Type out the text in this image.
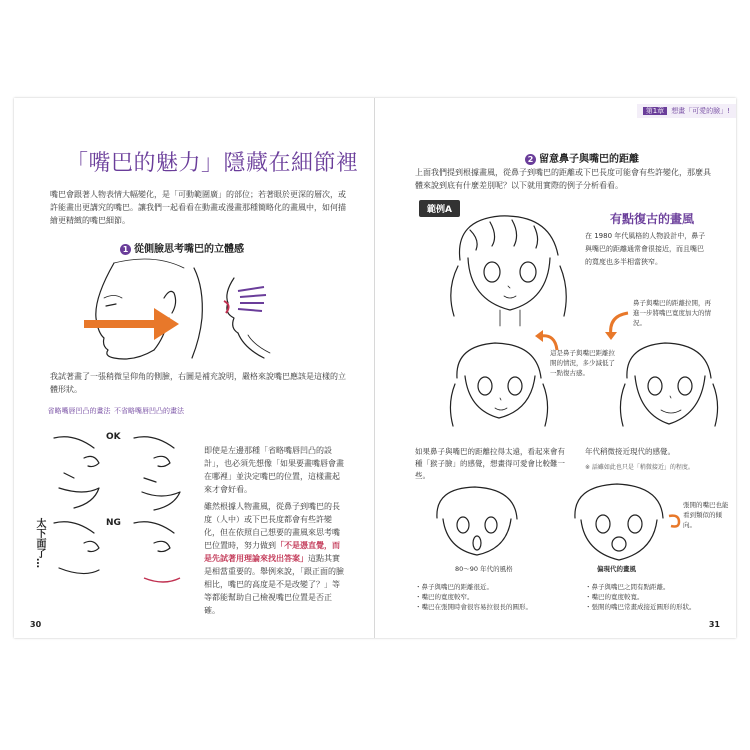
「嘴巴的魅力」隱藏在細節裡
嘴巴會跟著人物表情大幅變化，是「可動範圍廣」的部位；若著眼於更深的層次，或許能畫出更講究的嘴巴。讓我們一起看看在動畫或漫畫那種簡略化的畫風中，如何描繪更精緻的嘴巴細節。
1 從側臉思考嘴巴的立體感
我試著畫了一張稍微呈仰角的側臉，右圖是補充說明，嚴格來說嘴巴應該是這樣的立體形狀。
省略嘴唇凹凸的畫法 不省略嘴唇凹凸的畫法
OK
NG
太下面了…
即使是左邊那種「省略嘴唇凹凸的設計」，也必須先想像「如果要畫嘴唇會畫在哪裡」並決定嘴巴的位置，這樣畫起來才會好看。
雖然根據人物畫風，從鼻子到嘴巴的長度（人中）或下巴長度都會有些許變化，但在依照自己想要的畫風來思考嘴巴位置時，努力做到「不是憑直覺，而是先試著用理論來找出答案」這點其實是相當重要的。舉例來說，「跟正面的臉相比，嘴巴的高度是不是改變了？」等等都能幫助自己檢視嘴巴位置是否正確。
30
第1章 想畫「可愛的臉」!
2 留意鼻子與嘴巴的距離
上面我們提到根據畫風，從鼻子到嘴巴的距離或下巴長度可能會有些許變化，那麼具體來說到底有什麼差別呢？以下就用實際的例子分析看看。
範例A
有點復古的畫風
在 1980 年代風格的人物設計中，鼻子與嘴巴的距離通常會很接近，而且嘴巴的寬度也多半相當狹窄。
鼻子與嘴巴的距離拉開，再進一步將嘴巴寬度加大的情況。
這是鼻子與嘴巴距離拉開的情況，多少減低了一點復古感。
如果鼻子與嘴巴的距離拉得太遠，看起來會有種「猴子臉」的感覺，想畫得可愛會比較難一些。
年代稍微接近現代的感覺。
※ 話雖如此也只是「稍微接近」的程度。
張開的嘴巴也能看到類似的傾向。
80～90 年代的風格	偏現代的畫風
・鼻子與嘴巴的距離很近。
・嘴巴的寬度較窄。
・嘴巴在張開時會很容易拉很長的圓形。
・鼻子與嘴巴之間有點距離。
・嘴巴的寬度較寬。
・張開的嘴巴常畫成接近圓形的形狀。
31
